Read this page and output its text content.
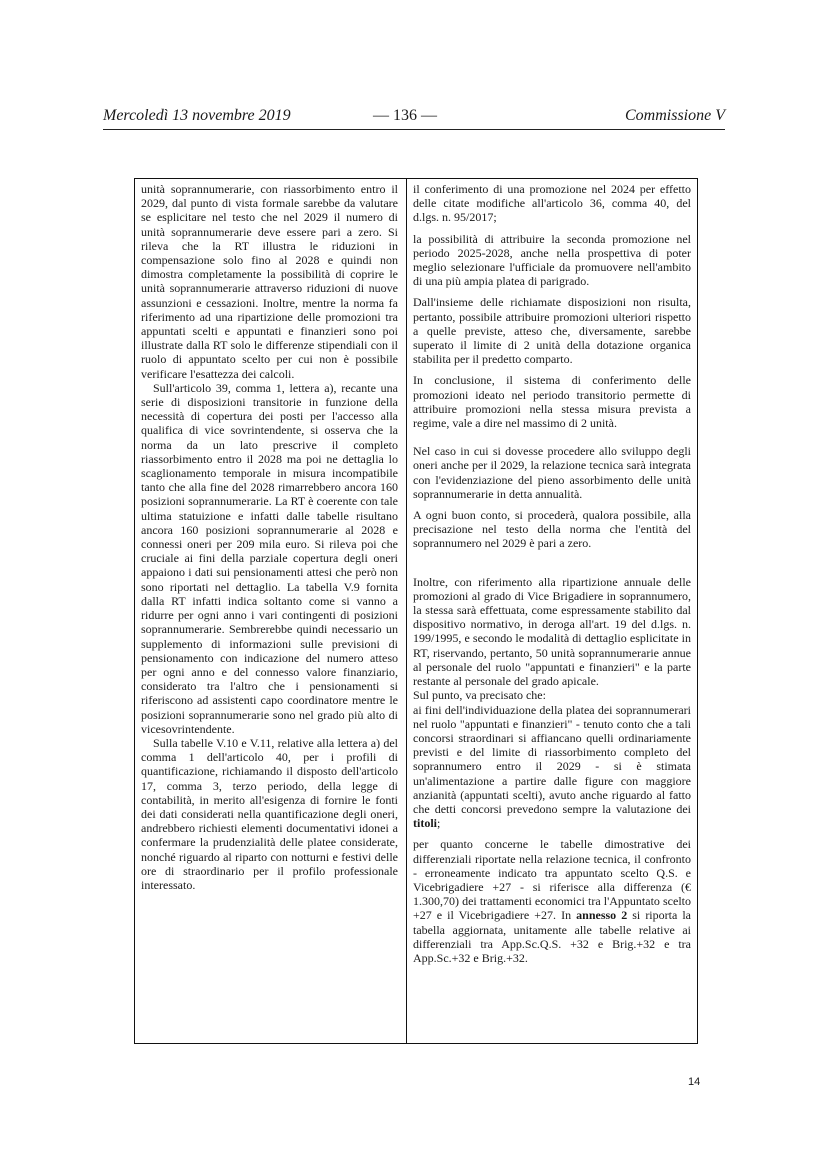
Mercoledì 13 novembre 2019	— 136 —	Commissione V

unità soprannumerarie, con riassorbimento entro il 2029, dal punto di vista formale sarebbe da valutare se esplicitare nel testo che nel 2029 il numero di unità soprannumerarie deve essere pari a zero. Si rileva che la RT illustra le riduzioni in compensazione solo fino al 2028 e quindi non dimostra completamente la possibilità di coprire le unità soprannumerarie attraverso riduzioni di nuove assunzioni e cessazioni. Inoltre, mentre la norma fa riferimento ad una ripartizione delle promozioni tra appuntati scelti e appuntati e finanzieri sono poi illustrate dalla RT solo le differenze stipendiali con il ruolo di appuntato scelto per cui non è possibile verificare l'esattezza dei calcoli.

Sull'articolo 39, comma 1, lettera a), recante una serie di disposizioni transitorie in funzione della necessità di copertura dei posti per l'accesso alla qualifica di vice sovrintendente, si osserva che la norma da un lato prescrive il completo riassorbimento entro il 2028 ma poi ne dettaglia lo scaglionamento temporale in misura incompatibile tanto che alla fine del 2028 rimarrebbero ancora 160 posizioni soprannumerarie. La RT è coerente con tale ultima statuizione e infatti dalle tabelle risultano ancora 160 posizioni soprannumerarie al 2028 e connessi oneri per 209 mila euro. Si rileva poi che cruciale ai fini della parziale copertura degli oneri appaiono i dati sui pensionamenti attesi che però non sono riportati nel dettaglio. La tabella V.9 fornita dalla RT infatti indica soltanto come si vanno a ridurre per ogni anno i vari contingenti di posizioni soprannumerarie. Sembrerebbe quindi necessario un supplemento di informazioni sulle previsioni di pensionamento con indicazione del numero atteso per ogni anno e del connesso valore finanziario, considerato tra l'altro che i pensionamenti si riferiscono ad assistenti capo coordinatore mentre le posizioni soprannumerarie sono nel grado più alto di vicesovrintendente.

Sulla tabelle V.10 e V.11, relative alla lettera a) del comma 1 dell'articolo 40, per i profili di quantificazione, richiamando il disposto dell'articolo 17, comma 3, terzo periodo, della legge di contabilità, in merito all'esigenza di fornire le fonti dei dati considerati nella quantificazione degli oneri, andrebbero richiesti elementi documentativi idonei a confermare la prudenzialità delle platee considerate, nonché riguardo al riparto con notturni e festivi delle ore di straordinario per il profilo professionale interessato.

il conferimento di una promozione nel 2024 per effetto delle citate modifiche all'articolo 36, comma 40, del d.lgs. n. 95/2017;

la possibilità di attribuire la seconda promozione nel periodo 2025-2028, anche nella prospettiva di poter meglio selezionare l'ufficiale da promuovere nell'ambito di una più ampia platea di parigrado.

Dall'insieme delle richiamate disposizioni non risulta, pertanto, possibile attribuire promozioni ulteriori rispetto a quelle previste, atteso che, diversamente, sarebbe superato il limite di 2 unità della dotazione organica stabilita per il predetto comparto.

In conclusione, il sistema di conferimento delle promozioni ideato nel periodo transitorio permette di attribuire promozioni nella stessa misura prevista a regime, vale a dire nel massimo di 2 unità.

Nel caso in cui si dovesse procedere allo sviluppo degli oneri anche per il 2029, la relazione tecnica sarà integrata con l'evidenziazione del pieno assorbimento delle unità soprannumerarie in detta annualità.

A ogni buon conto, si procederà, qualora possibile, alla precisazione nel testo della norma che l'entità del soprannumero nel 2029 è pari a zero.

Inoltre, con riferimento alla ripartizione annuale delle promozioni al grado di Vice Brigadiere in soprannumero, la stessa sarà effettuata, come espressamente stabilito dal dispositivo normativo, in deroga all'art. 19 del d.lgs. n. 199/1995, e secondo le modalità di dettaglio esplicitate in RT, riservando, pertanto, 50 unità soprannumerarie annue al personale del ruolo "appuntati e finanzieri" e la parte restante al personale del grado apicale.

Sul punto, va precisato che:

ai fini dell'individuazione della platea dei soprannumerari nel ruolo "appuntati e finanzieri" - tenuto conto che a tali concorsi straordinari si affiancano quelli ordinariamente previsti e del limite di riassorbimento completo del soprannumero entro il 2029 - si è stimata un'alimentazione a partire dalle figure con maggiore anzianità (appuntati scelti), avuto anche riguardo al fatto che detti concorsi prevedono sempre la valutazione dei titoli;

per quanto concerne le tabelle dimostrative dei differenziali riportate nella relazione tecnica, il confronto - erroneamente indicato tra appuntato scelto Q.S. e Vicebrigadiere +27 - si riferisce alla differenza (€ 1.300,70) dei trattamenti economici tra l'Appuntato scelto +27 e il Vicebrigadiere +27. In annesso 2 si riporta la tabella aggiornata, unitamente alle tabelle relative ai differenziali tra App.Sc.Q.S. +32 e Brig.+32 e tra App.Sc.+32 e Brig.+32.

14
